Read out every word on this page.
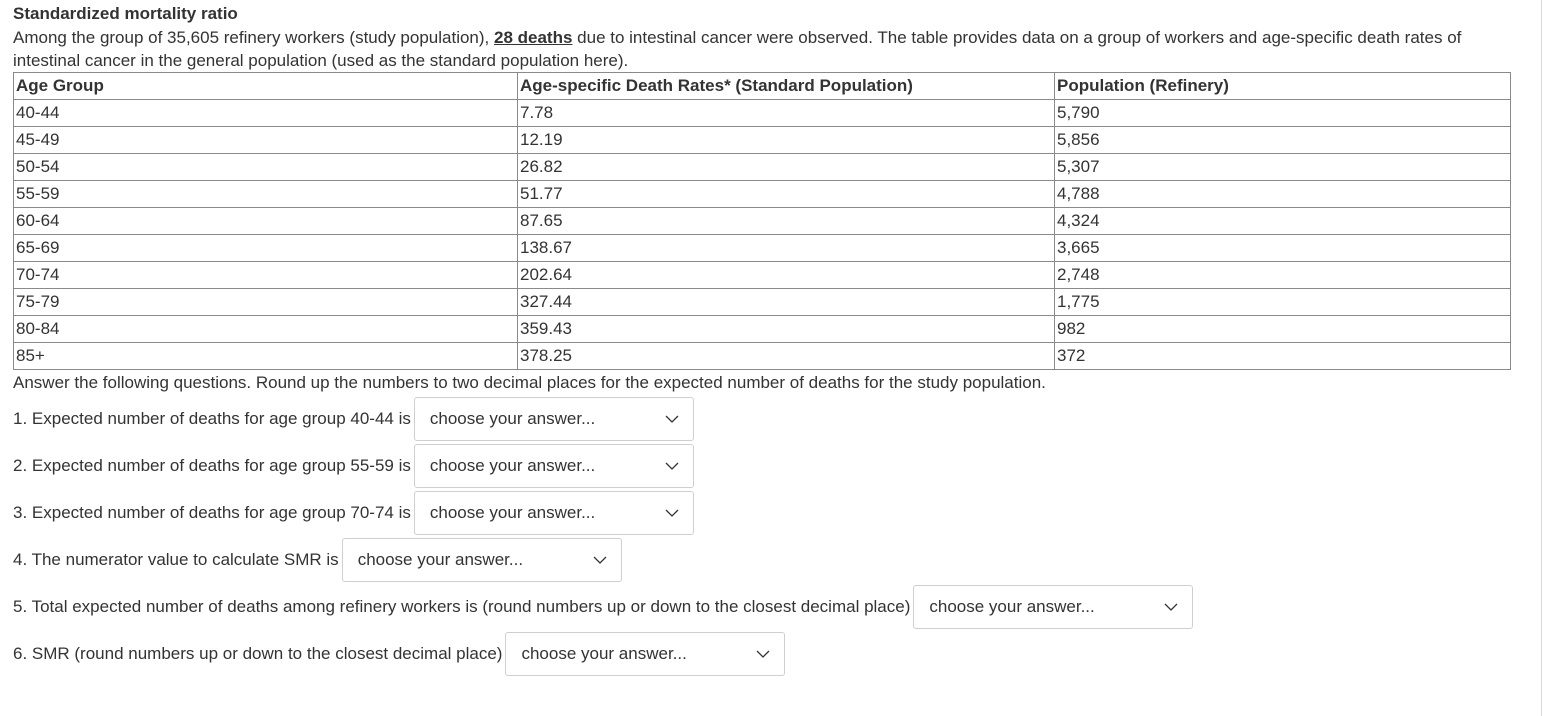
Standardized mortality ratio
Among the group of 35,605 refinery workers (study population), 28 deaths due to intestinal cancer were observed. The table provides data on a group of workers and age-specific death rates of intestinal cancer in the general population (used as the standard population here).
Age Group	Age-specific Death Rates* (Standard Population)	Population (Refinery)
40-44	7.78	5,790
45-49	12.19	5,856
50-54	26.82	5,307
55-59	51.77	4,788
60-64	87.65	4,324
65-69	138.67	3,665
70-74	202.64	2,748
75-79	327.44	1,775
80-84	359.43	982
85+	378.25	372
Answer the following questions. Round up the numbers to two decimal places for the expected number of deaths for the study population.
1. Expected number of deaths for age group 40-44 is choose your answer...
2. Expected number of deaths for age group 55-59 is choose your answer...
3. Expected number of deaths for age group 70-74 is choose your answer...
4. The numerator value to calculate SMR is choose your answer...
5. Total expected number of deaths among refinery workers is (round numbers up or down to the closest decimal place) choose your answer...
6. SMR (round numbers up or down to the closest decimal place) choose your answer...
